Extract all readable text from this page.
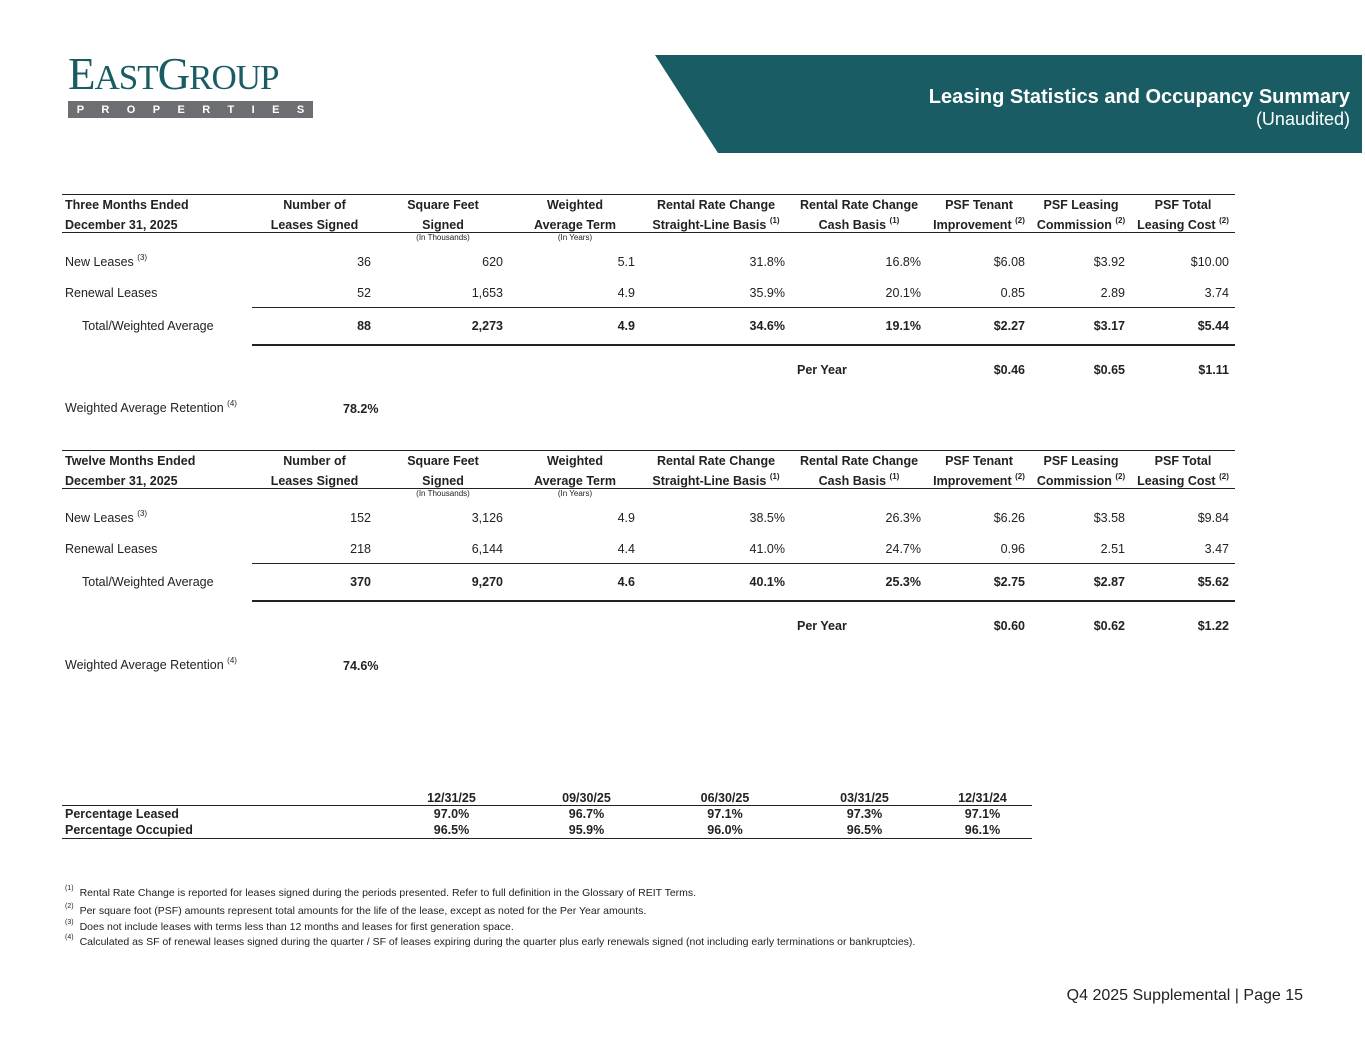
Leasing Statistics and Occupancy Summary
(Unaudited)
EASTGROUP
P R O P E R T I E S
Three Months Ended	Number of	Square Feet	Weighted	Rental Rate Change	Rental Rate Change	PSF Tenant	PSF Leasing	PSF Total
December 31, 2025	Leases Signed	Signed	Average Term	Straight-Line Basis $^{(1)}$	Cash Basis $^{(1)}$	Improvement $^{(2)}$	Commission $^{(2)}$	Leasing Cost $^{(2)}$
		(In Thousands)	(In Years)					
New Leases $^{(3)}$	36	620	5.1	31.8%	16.8%	$6.08	$3.92	$10.00
Renewal Leases	52	1,653	4.9	35.9%	20.1%	0.85	2.89	3.74
Total/Weighted Average	88	2,273	4.9	34.6%	19.1%	$2.27	$3.17	$5.44
					Per Year	$0.46	$0.65	$1.11
Weighted Average Retention $^{(4)}$	78.2%
Twelve Months Ended	Number of	Square Feet	Weighted	Rental Rate Change	Rental Rate Change	PSF Tenant	PSF Leasing	PSF Total
December 31, 2025	Leases Signed	Signed	Average Term	Straight-Line Basis $^{(1)}$	Cash Basis $^{(1)}$	Improvement $^{(2)}$	Commission $^{(2)}$	Leasing Cost $^{(2)}$
		(In Thousands)	(In Years)					
New Leases $^{(3)}$	152	3,126	4.9	38.5%	26.3%	$6.26	$3.58	$9.84
Renewal Leases	218	6,144	4.4	41.0%	24.7%	0.96	2.51	3.47
Total/Weighted Average	370	9,270	4.6	40.1%	25.3%	$2.75	$2.87	$5.62
					Per Year	$0.60	$0.62	$1.22
Weighted Average Retention $^{(4)}$	74.6%
	12/31/25	09/30/25	06/30/25	03/31/25	12/31/24
Percentage Leased	97.0%	96.7%	97.1%	97.3%	97.1%
Percentage Occupied	96.5%	95.9%	96.0%	96.5%	96.1%
$^{(1)}$ Rental Rate Change is reported for leases signed during the periods presented. Refer to full definition in the Glossary of REIT Terms.
$^{(2)}$ Per square foot (PSF) amounts represent total amounts for the life of the lease, except as noted for the Per Year amounts.
$^{(3)}$ Does not include leases with terms less than 12 months and leases for first generation space.
$^{(4)}$ Calculated as SF of renewal leases signed during the quarter / SF of leases expiring during the quarter plus early renewals signed (not including early terminations or bankruptcies).
Q4 2025 Supplemental | Page 15
